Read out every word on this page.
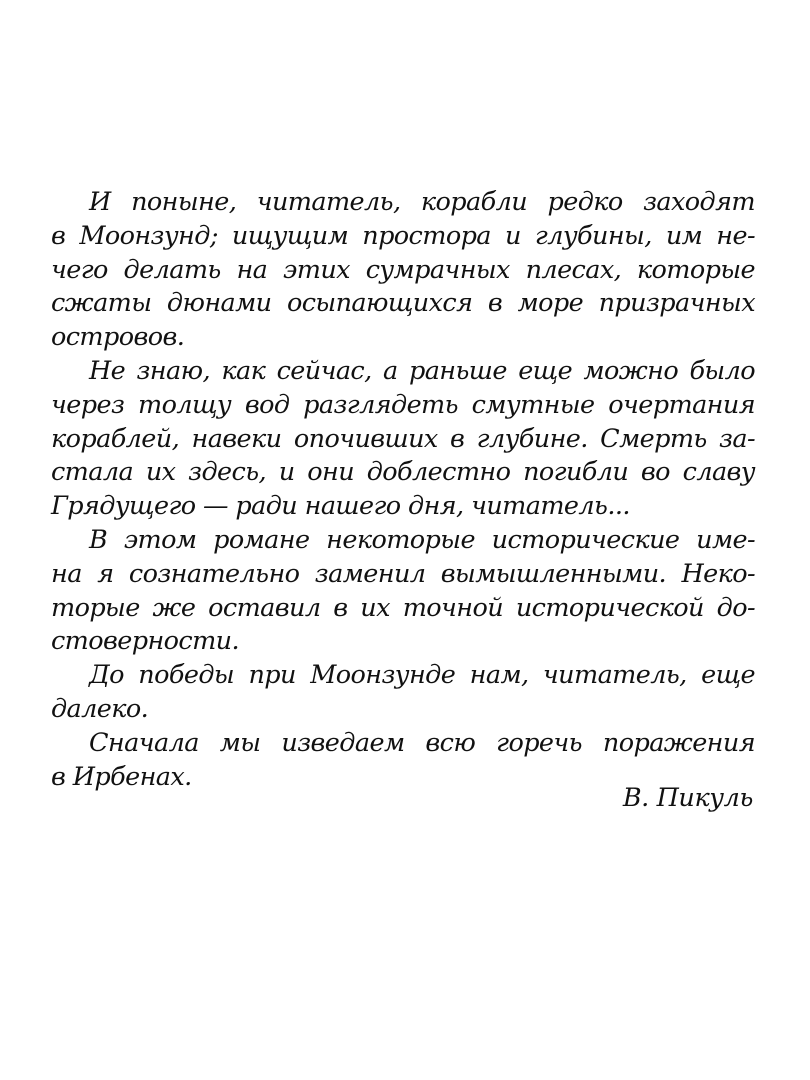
И поныне, читатель, корабли редко заходят
в Моонзунд; ищущим простора и глубины, им не-
чего делать на этих сумрачных плесах, которые
сжаты дюнами осыпающихся в море призрачных
островов.
Не знаю, как сейчас, а раньше еще можно было
через толщу вод разглядеть смутные очертания
кораблей, навеки опочивших в глубине. Смерть за-
стала их здесь, и они доблестно погибли во славу
Грядущего — ради нашего дня, читатель...
В этом романе некоторые исторические име-
на я сознательно заменил вымышленными. Неко-
торые же оставил в их точной исторической до-
стоверности.
До победы при Моонзунде нам, читатель, еще
далеко.
Сначала мы изведаем всю горечь поражения
в Ирбенах.
В. Пикуль
